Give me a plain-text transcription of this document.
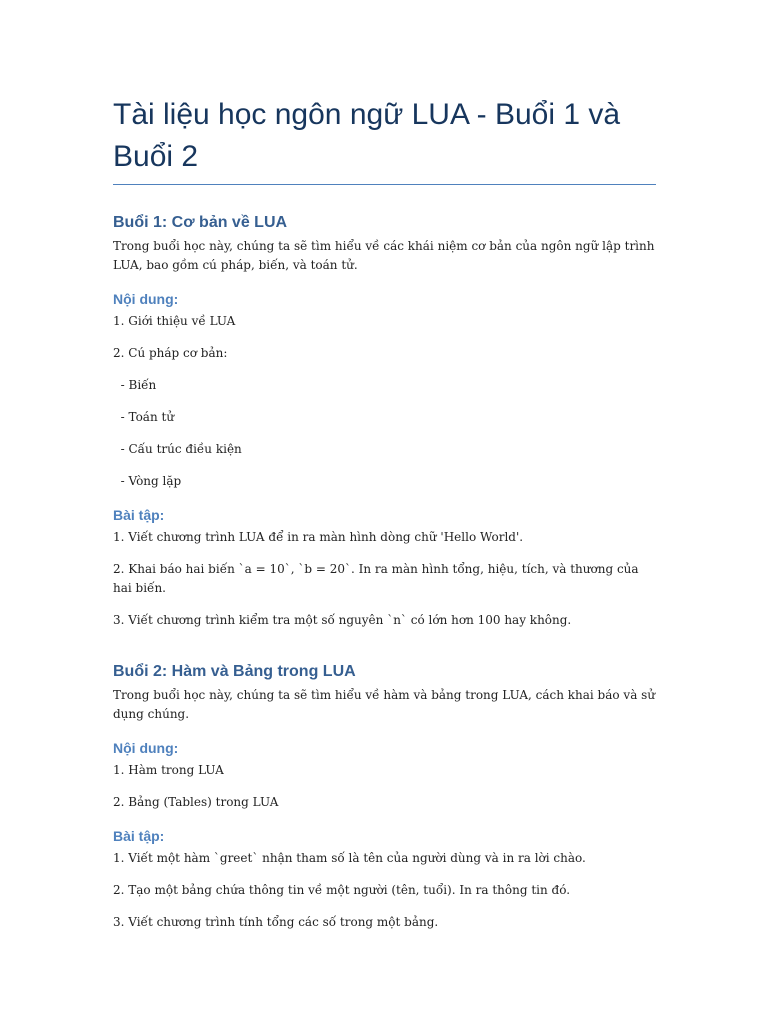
Tài liệu học ngôn ngữ LUA - Buổi 1 và Buổi 2
Buổi 1: Cơ bản về LUA

Trong buổi học này, chúng ta sẽ tìm hiểu về các khái niệm cơ bản của ngôn ngữ lập trình LUA, bao gồm cú pháp, biến, và toán tử.

Nội dung:

1. Giới thiệu về LUA

2. Cú pháp cơ bản:

- Biến

- Toán tử

- Cấu trúc điều kiện

- Vòng lặp

Bài tập:

1. Viết chương trình LUA để in ra màn hình dòng chữ 'Hello World'.

2. Khai báo hai biến `a = 10`, `b = 20`. In ra màn hình tổng, hiệu, tích, và thương của hai biến.

3. Viết chương trình kiểm tra một số nguyên `n` có lớn hơn 100 hay không.

Buổi 2: Hàm và Bảng trong LUA

Trong buổi học này, chúng ta sẽ tìm hiểu về hàm và bảng trong LUA, cách khai báo và sử dụng chúng.

Nội dung:

1. Hàm trong LUA

2. Bảng (Tables) trong LUA

Bài tập:

1. Viết một hàm `greet` nhận tham số là tên của người dùng và in ra lời chào.

2. Tạo một bảng chứa thông tin về một người (tên, tuổi). In ra thông tin đó.

3. Viết chương trình tính tổng các số trong một bảng.
